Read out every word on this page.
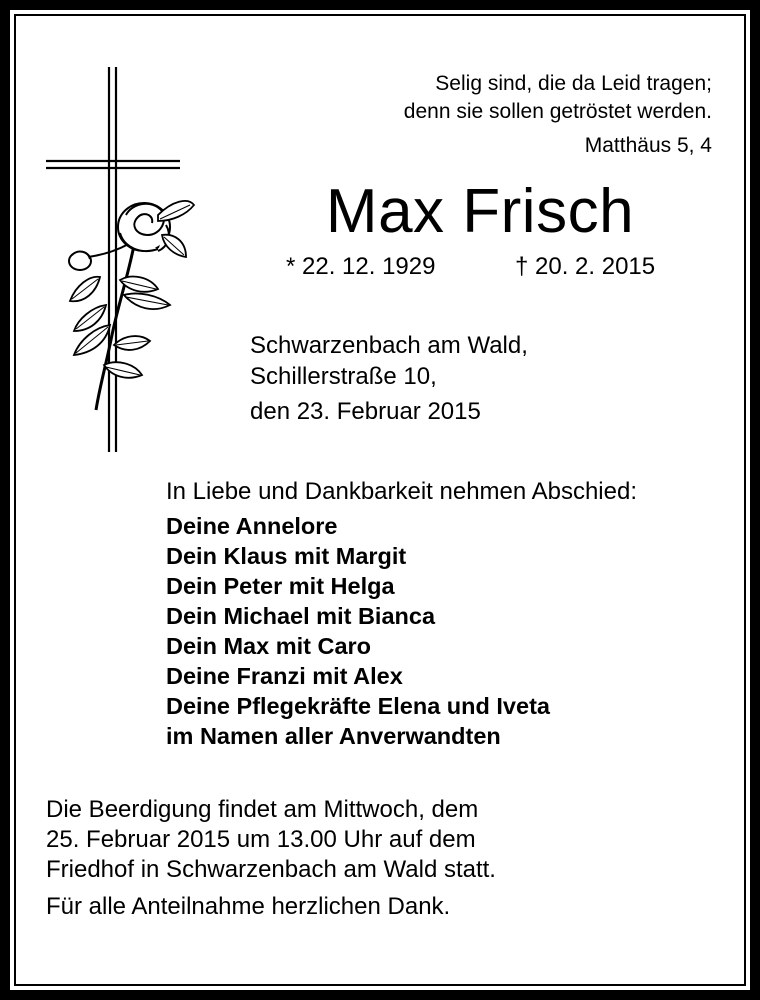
Selig sind, die da Leid tragen;
denn sie sollen getröstet werden.
Matthäus 5, 4
Max Frisch
* 22. 12. 1929	† 20. 2. 2015
Schwarzenbach am Wald,
Schillerstraße 10,
den 23. Februar 2015
In Liebe und Dankbarkeit nehmen Abschied:
Deine Annelore
Dein Klaus mit Margit
Dein Peter mit Helga
Dein Michael mit Bianca
Dein Max mit Caro
Deine Franzi mit Alex
Deine Pflegekräfte Elena und Iveta
im Namen aller Anverwandten
Die Beerdigung findet am Mittwoch, dem
25. Februar 2015 um 13.00 Uhr auf dem
Friedhof in Schwarzenbach am Wald statt.
Für alle Anteilnahme herzlichen Dank.
